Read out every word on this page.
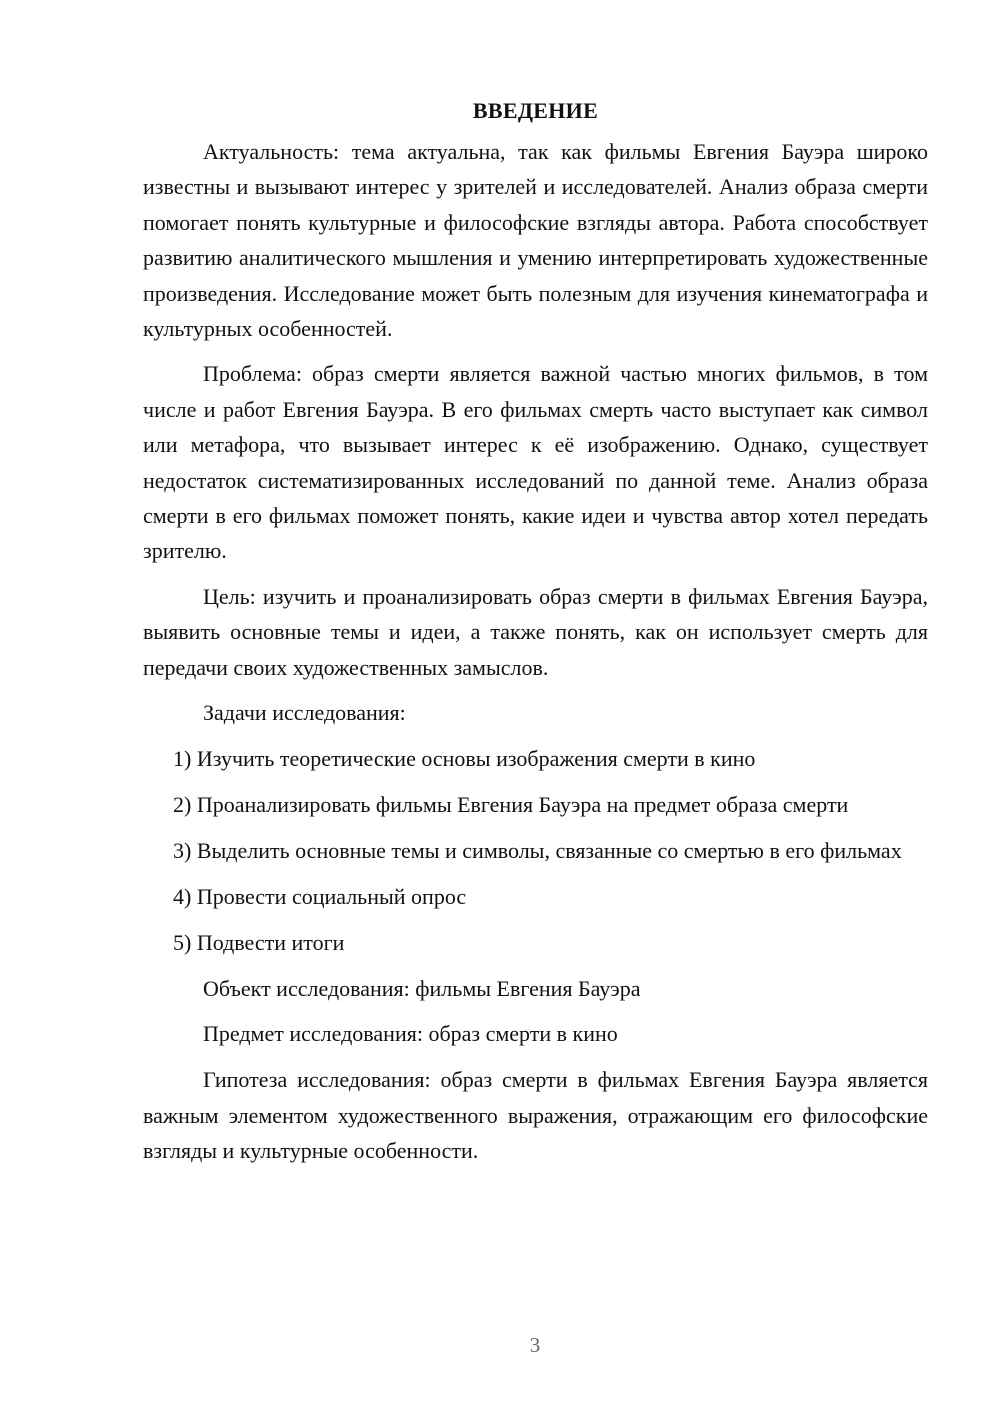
ВВЕДЕНИЕ

Актуальность: тема актуальна, так как фильмы Евгения Бауэра широко известны и вызывают интерес у зрителей и исследователей. Анализ образа смерти помогает понять культурные и философские взгляды автора. Работа способствует развитию аналитического мышления и умению интерпретировать художественные произведения. Исследование может быть полезным для изучения кинематографа и культурных особенностей.

Проблема: образ смерти является важной частью многих фильмов, в том числе и работ Евгения Бауэра. В его фильмах смерть часто выступает как символ или метафора, что вызывает интерес к её изображению. Однако, существует недостаток систематизированных исследований по данной теме. Анализ образа смерти в его фильмах поможет понять, какие идеи и чувства автор хотел передать зрителю.

Цель: изучить и проанализировать образ смерти в фильмах Евгения Бауэра, выявить основные темы и идеи, а также понять, как он использует смерть для передачи своих художественных замыслов.

Задачи исследования:

1) Изучить теоретические основы изображения смерти в кино

2) Проанализировать фильмы Евгения Бауэра на предмет образа смерти

3) Выделить основные темы и символы, связанные со смертью в его фильмах

4) Провести социальный опрос

5) Подвести итоги

Объект исследования: фильмы Евгения Бауэра

Предмет исследования: образ смерти в кино

Гипотеза исследования: образ смерти в фильмах Евгения Бауэра является важным элементом художественного выражения, отражающим его философские взгляды и культурные особенности.

3
